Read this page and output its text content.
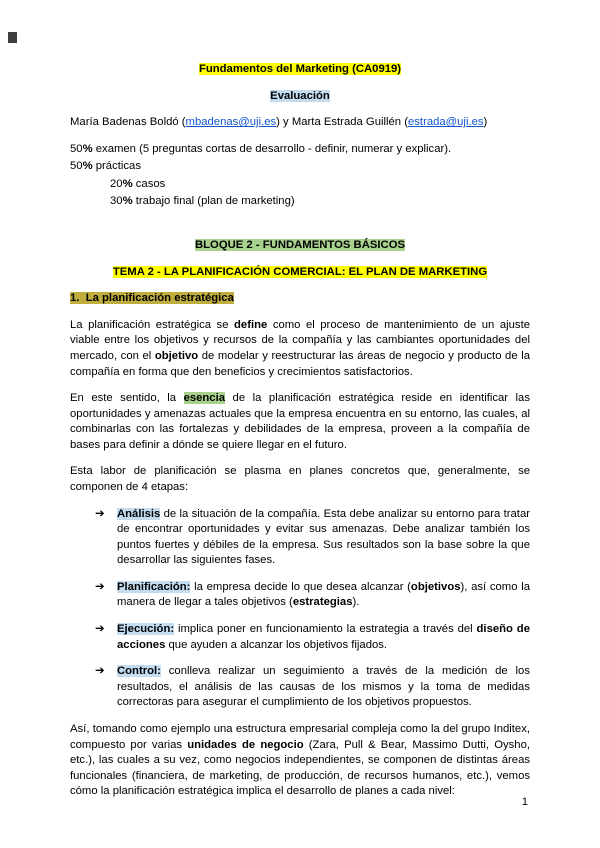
Fundamentos del Marketing (CA0919)

Evaluación

María Badenas Boldó (mbadenas@uji.es) y Marta Estrada Guillén (estrada@uji.es)

50% examen (5 preguntas cortas de desarrollo - definir, numerar y explicar).

50% prácticas

20% casos

30% trabajo final (plan de marketing)

BLOQUE 2 - FUNDAMENTOS BÁSICOS

TEMA 2 - LA PLANIFICACIÓN COMERCIAL: EL PLAN DE MARKETING

1. La planificación estratégica

La planificación estratégica se define como el proceso de mantenimiento de un ajuste viable entre los objetivos y recursos de la compañía y las cambiantes oportunidades del mercado, con el objetivo de modelar y reestructurar las áreas de negocio y producto de la compañía en forma que den beneficios y crecimientos satisfactorios.

En este sentido, la esencia de la planificación estratégica reside en identificar las oportunidades y amenazas actuales que la empresa encuentra en su entorno, las cuales, al combinarlas con las fortalezas y debilidades de la empresa, proveen a la compañía de bases para definir a dónde se quiere llegar en el futuro.

Esta labor de planificación se plasma en planes concretos que, generalmente, se componen de 4 etapas:

➔	Análisis de la situación de la compañía. Esta debe analizar su entorno para tratar de encontrar oportunidades y evitar sus amenazas. Debe analizar también los puntos fuertes y débiles de la empresa. Sus resultados son la base sobre la que desarrollar las siguientes fases.
➔	Planificación: la empresa decide lo que desea alcanzar (objetivos), así como la manera de llegar a tales objetivos (estrategias).
➔	Ejecución: implica poner en funcionamiento la estrategia a través del diseño de acciones que ayuden a alcanzar los objetivos fijados.
➔	Control: conlleva realizar un seguimiento a través de la medición de los resultados, el análisis de las causas de los mismos y la toma de medidas correctoras para asegurar el cumplimiento de los objetivos propuestos.

Así, tomando como ejemplo una estructura empresarial compleja como la del grupo Inditex, compuesto por varias unidades de negocio (Zara, Pull & Bear, Massimo Dutti, Oysho, etc.), las cuales a su vez, como negocios independientes, se componen de distintas áreas funcionales (financiera, de marketing, de producción, de recursos humanos, etc.), vemos cómo la planificación estratégica implica el desarrollo de planes a cada nivel:

1
